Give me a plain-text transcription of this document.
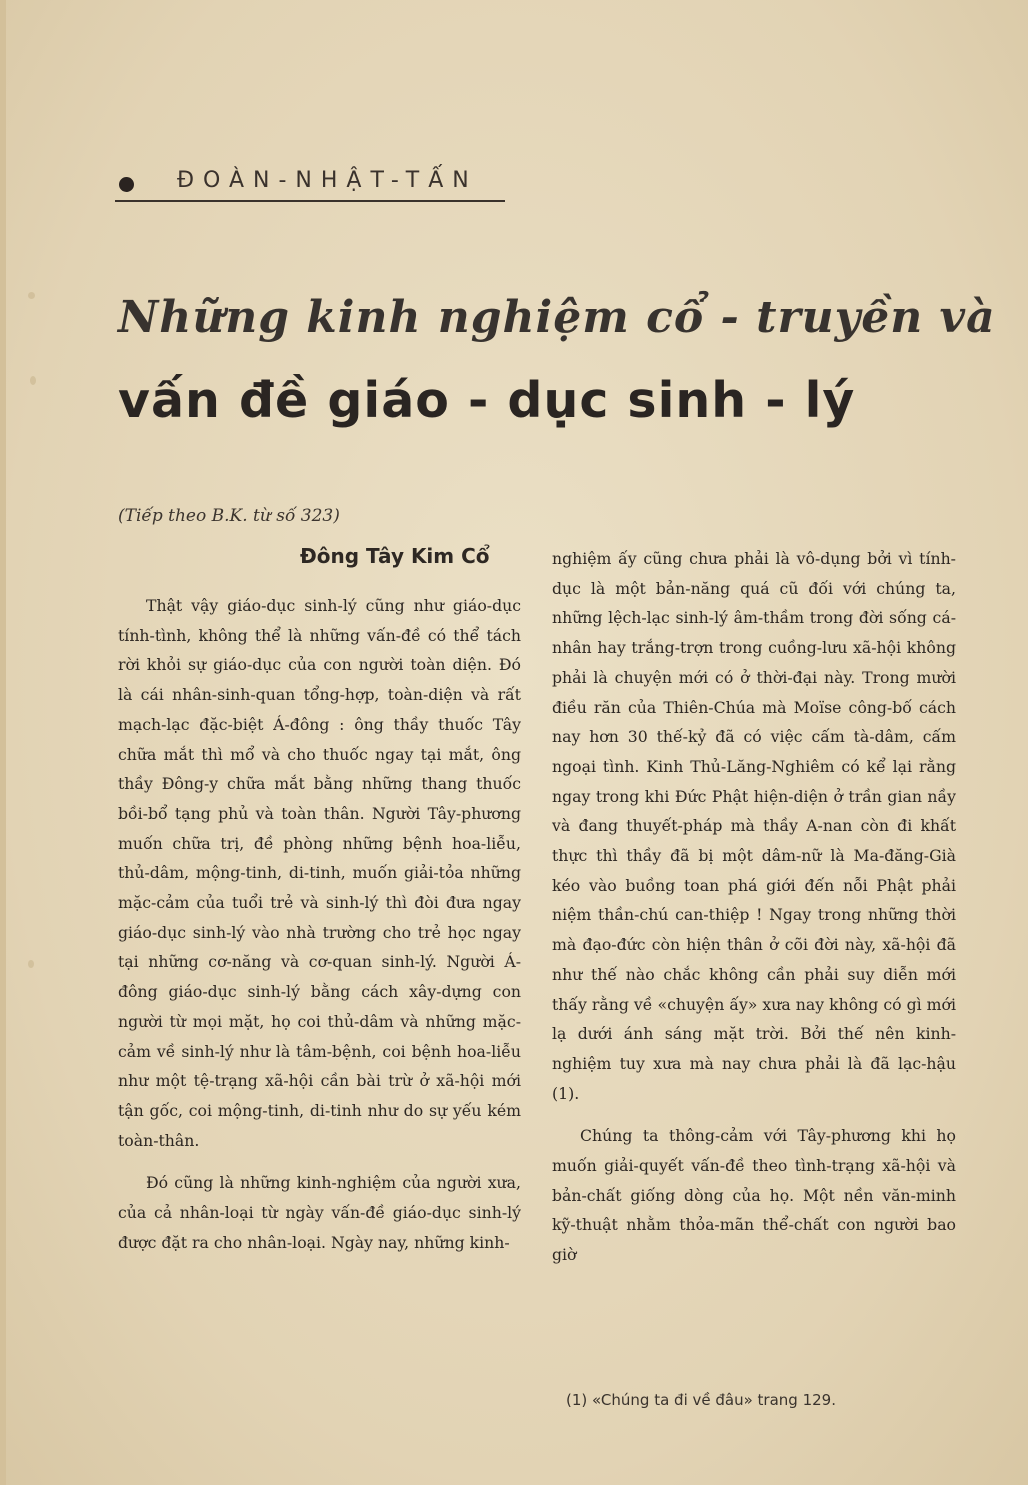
ĐOÀN-NHẬT-TẤN
Những kinh nghiệm cổ - truyền và
vấn đề giáo - dục sinh - lý
(Tiếp theo B.K. từ số 323)
Đông Tây Kim Cổ

Thật vậy giáo-dục sinh-lý cũng như giáo-dục tính-tình, không thể là những vấn-đề có thể tách rời khỏi sự giáo-dục của con người toàn diện. Đó là cái nhân-sinh-quan tổng-hợp, toàn-diện và rất mạch-lạc đặc-biệt Á-đông : ông thầy thuốc Tây chữa mắt thì mổ và cho thuốc ngay tại mắt, ông thầy Đông-y chữa mắt bằng những thang thuốc bồi-bổ tạng phủ và toàn thân. Người Tây-phương muốn chữa trị, đề phòng những bệnh hoa-liễu, thủ-dâm, mộng-tinh, di-tinh, muốn giải-tỏa những mặc-cảm của tuổi trẻ và sinh-lý thì đòi đưa ngay giáo-dục sinh-lý vào nhà trường cho trẻ học ngay tại những cơ-năng và cơ-quan sinh-lý. Người Á-đông giáo-dục sinh-lý bằng cách xây-dựng con người từ mọi mặt, họ coi thủ-dâm và những mặc-cảm về sinh-lý như là tâm-bệnh, coi bệnh hoa-liễu như một tệ-trạng xã-hội cần bài trừ ở xã-hội mới tận gốc, coi mộng-tinh, di-tinh như do sự yếu kém toàn-thân.

Đó cũng là những kinh-nghiệm của người xưa, của cả nhân-loại từ ngày vấn-đề giáo-dục sinh-lý được đặt ra cho nhân-loại. Ngày nay, những kinh-

nghiệm ấy cũng chưa phải là vô-dụng bởi vì tính-dục là một bản-năng quá cũ đối với chúng ta, những lệch-lạc sinh-lý âm-thầm trong đời sống cá-nhân hay trắng-trợn trong cuồng-lưu xã-hội không phải là chuyện mới có ở thời-đại này. Trong mười điều răn của Thiên-Chúa mà Moïse công-bố cách nay hơn 30 thế-kỷ đã có việc cấm tà-dâm, cấm ngoại tình. Kinh Thủ-Lăng-Nghiêm có kể lại rằng ngay trong khi Đức Phật hiện-diện ở trần gian nầy và đang thuyết-pháp mà thầy A-nan còn đi khất thực thì thầy đã bị một dâm-nữ là Ma-đăng-Già kéo vào buồng toan phá giới đến nỗi Phật phải niệm thần-chú can-thiệp ! Ngay trong những thời mà đạo-đức còn hiện thân ở cõi đời này, xã-hội đã như thế nào chắc không cần phải suy diễn mới thấy rằng về «chuyện ấy» xưa nay không có gì mới lạ dưới ánh sáng mặt trời. Bởi thế nên kinh-nghiệm tuy xưa mà nay chưa phải là đã lạc-hậu (1).

Chúng ta thông-cảm với Tây-phương khi họ muốn giải-quyết vấn-đề theo tình-trạng xã-hội và bản-chất giống dòng của họ. Một nền văn-minh kỹ-thuật nhằm thỏa-mãn thể-chất con người bao giờ

(1) «Chúng ta đi về đâu» trang 129.
